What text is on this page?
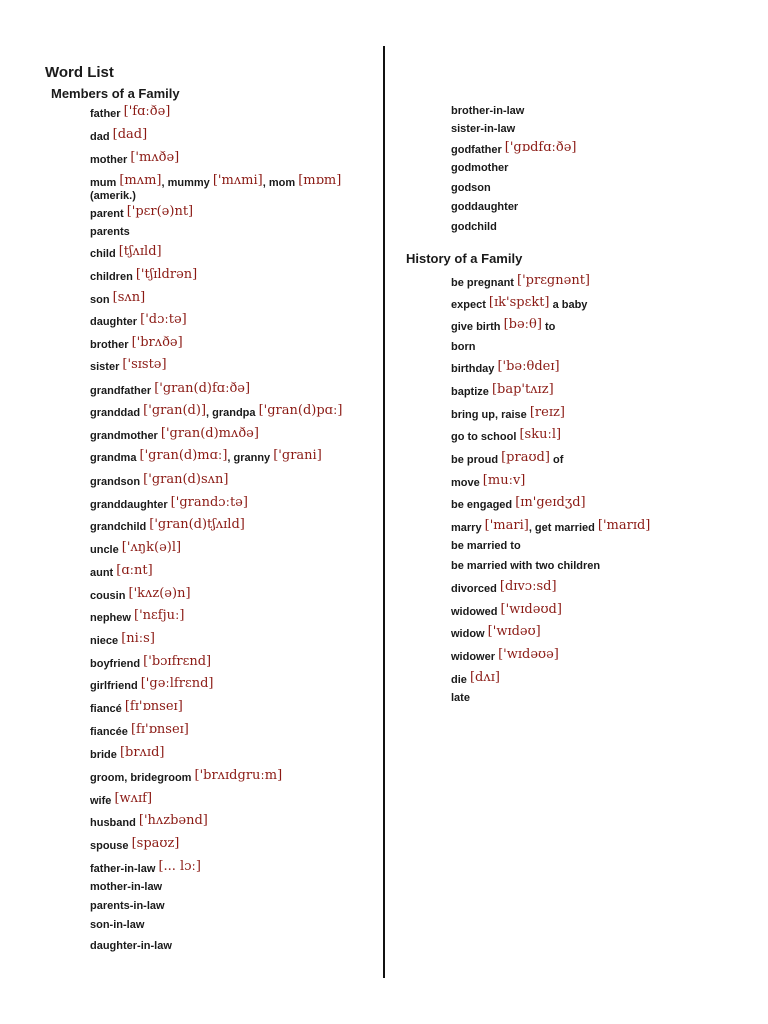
Word List
Members of a Family
History of a Family
father ['fɑːðə]
dad [dad]
mother ['mʌðə]
mum [mʌm], mummy ['mʌmi], mom [mɒm]
(amerik.)
parent ['pɛr(ə)nt]
parents
child [tʃʌɪld]
children ['tʃɪldrən]
son [sʌn]
daughter ['dɔːtə]
brother ['brʌðə]
sister ['sɪstə]
grandfather ['gran(d)fɑːðə]
granddad ['gran(d)], grandpa ['gran(d)pɑː]
grandmother ['gran(d)mʌðə]
grandma ['gran(d)mɑː], granny ['grani]
grandson ['gran(d)sʌn]
granddaughter ['grandɔːtə]
grandchild ['gran(d)tʃʌɪld]
uncle ['ʌŋk(ə)l]
aunt [ɑːnt]
cousin ['kʌz(ə)n]
nephew ['nɛfjuː]
niece [niːs]
boyfriend ['bɔɪfrɛnd]
girlfriend ['gəːlfrɛnd]
fiancé [fɪ'ɒnseɪ]
fiancée [fɪ'ɒnseɪ]
bride [brʌɪd]
groom, bridegroom ['brʌɪdgruːm]
wife [wʌɪf]
husband ['hʌzbənd]
spouse [spaʊz]
father-in-law [... lɔː]
mother-in-law
parents-in-law
son-in-law
daughter-in-law
brother-in-law
sister-in-law
godfather ['gɒdfɑːðə]
godmother
godson
goddaughter
godchild
be pregnant ['prɛgnənt]
expect [ɪk'spɛkt] a baby
give birth [bəːθ] to
born
birthday ['bəːθdeɪ]
baptize [bap'tʌɪz]
bring up, raise [reɪz]
go to school [skuːl]
be proud [praʊd] of
move [muːv]
be engaged [ɪn'geɪdʒd]
marry ['mari], get married ['marɪd]
be married to
be married with two children
divorced [dɪvɔːsd]
widowed ['wɪdəʊd]
widow ['wɪdəʊ]
widower ['wɪdəʊə]
die [dʌɪ]
late
